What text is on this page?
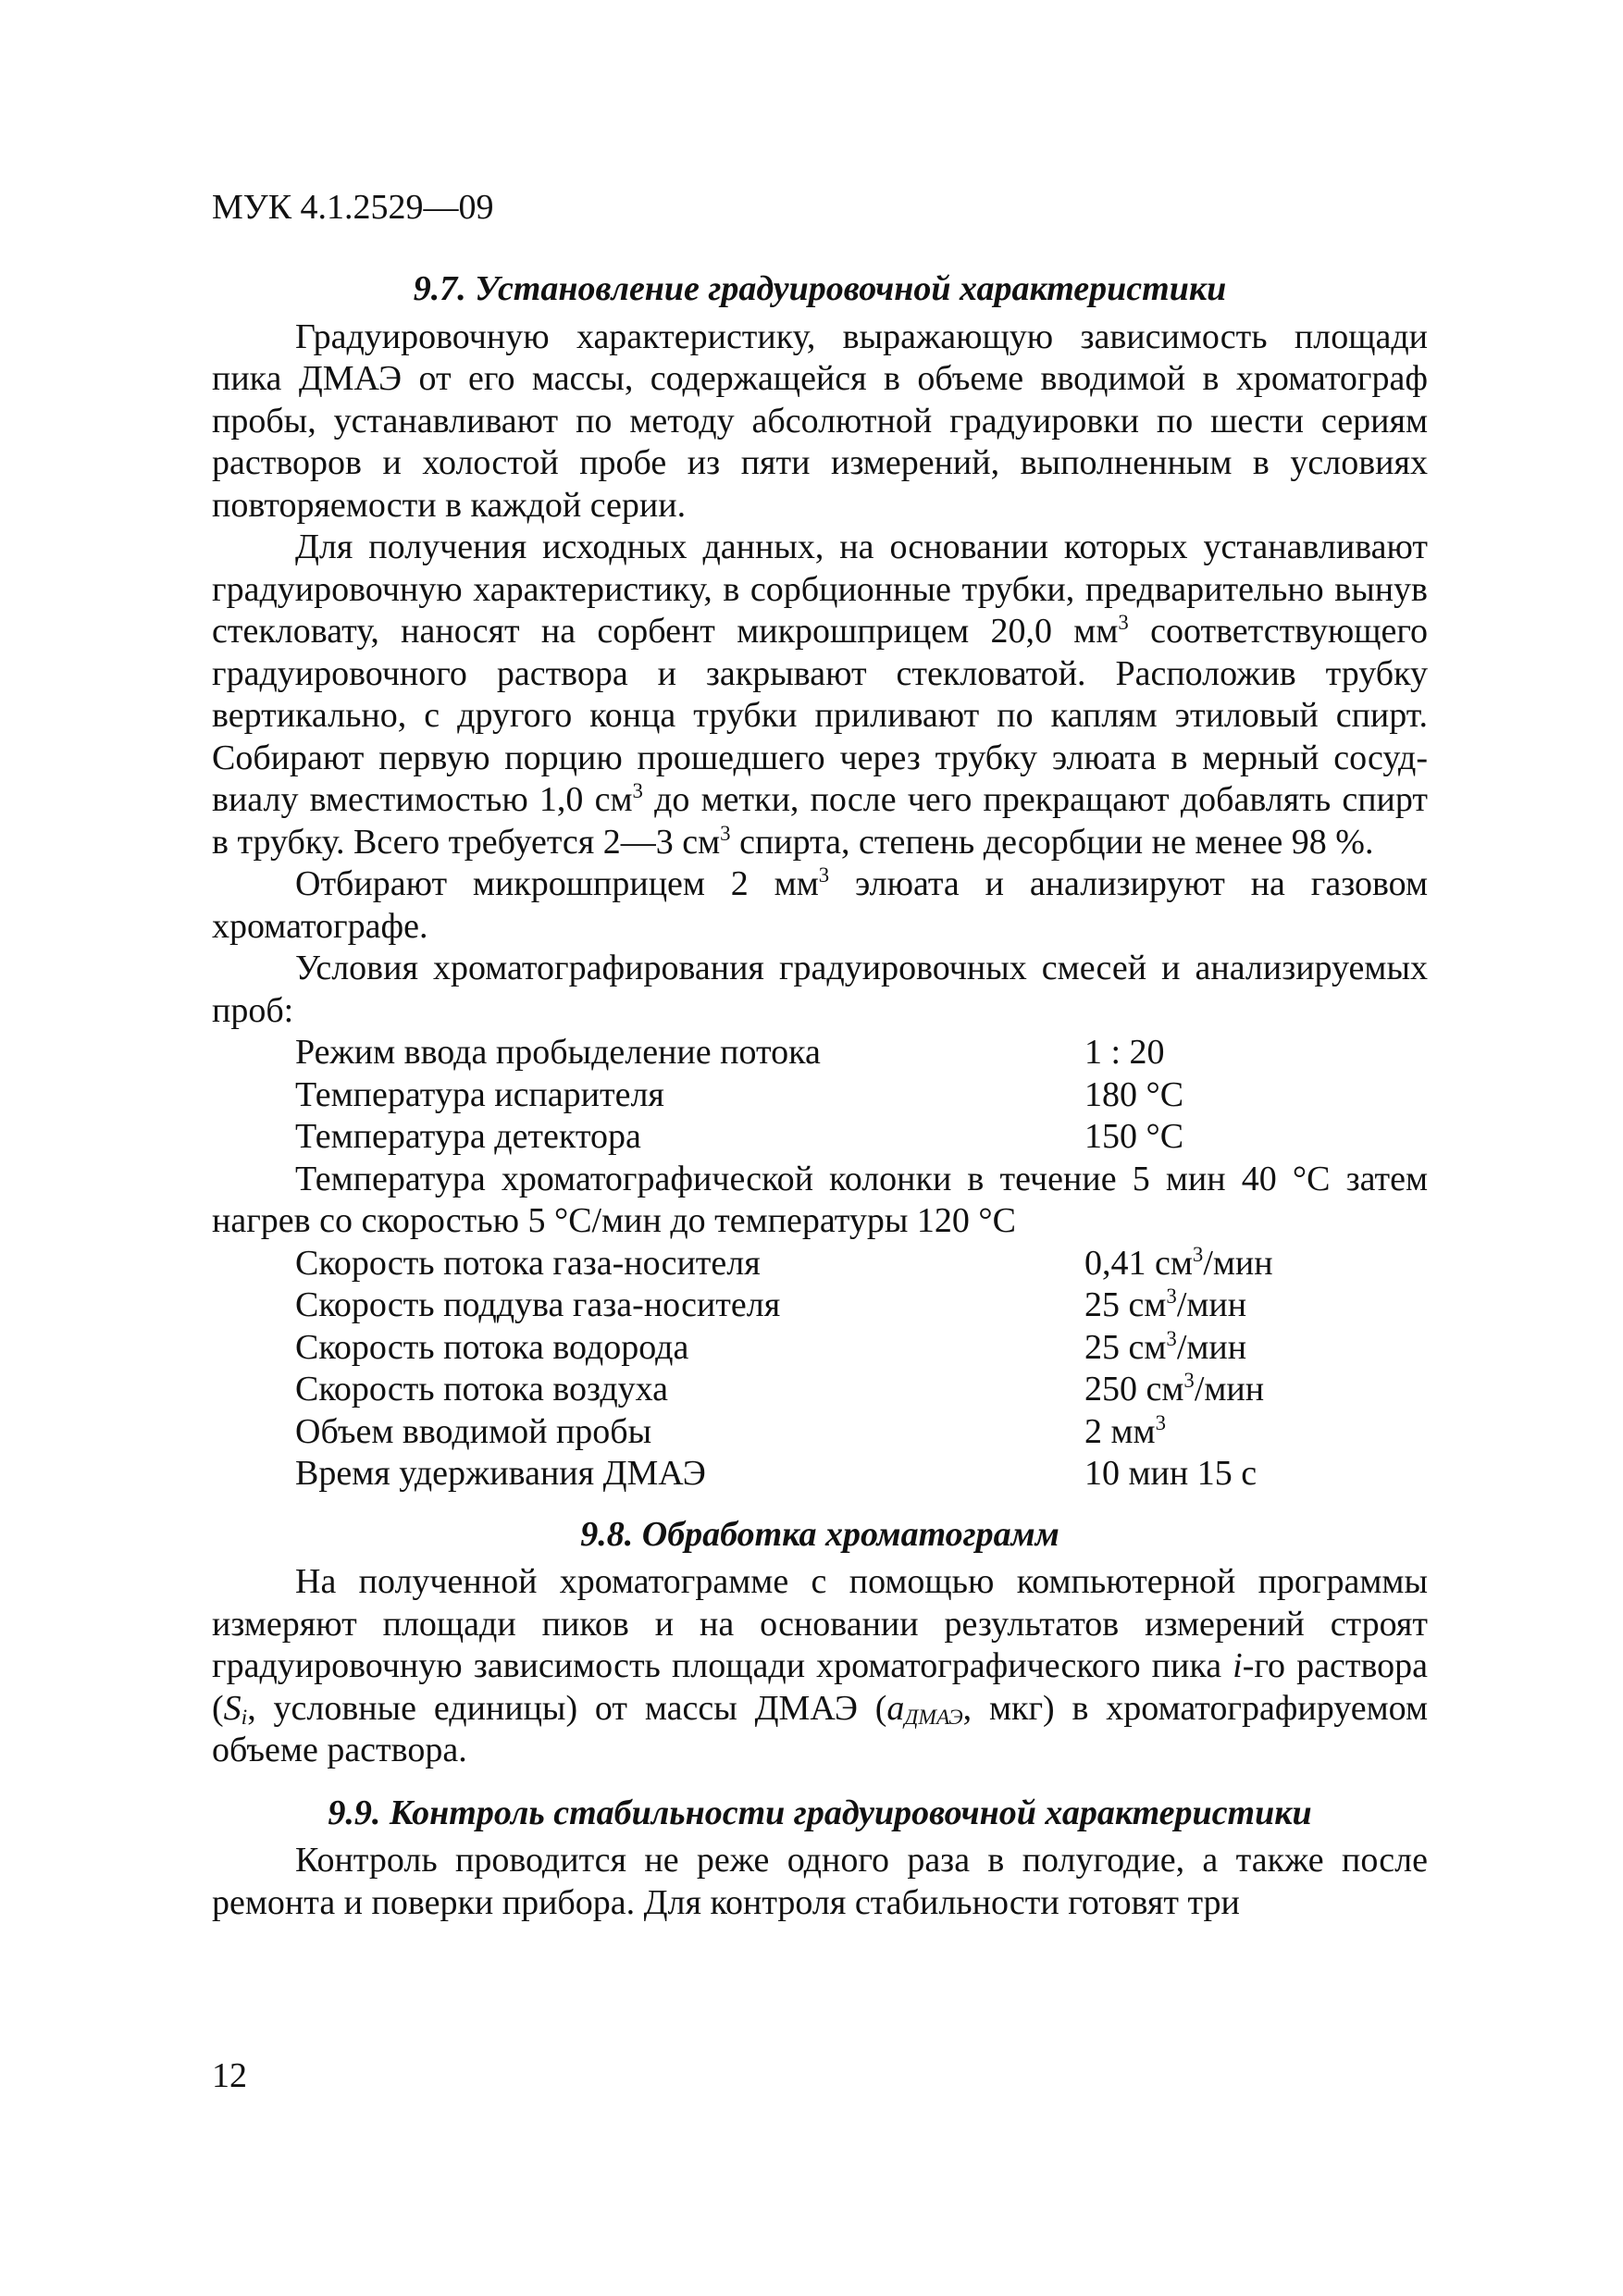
МУК 4.1.2529—09
9.7. Установление градуировочной характеристики

Градуировочную характеристику, выражающую зависимость площади пика ДМАЭ от его массы, содержащейся в объеме вводимой в хроматограф пробы, устанавливают по методу абсолютной градуировки по шести сериям растворов и холостой пробе из пяти измерений, выполненным в условиях повторяемости в каждой серии.

Для получения исходных данных, на основании которых устанавливают градуировочную характеристику, в сорбционные трубки, предварительно вынув стекловату, наносят на сорбент микрошприцем 20,0 $мм^3$ соответствующего градуировочного раствора и закрывают стекловатой. Расположив трубку вертикально, с другого конца трубки приливают по каплям этиловый спирт. Собирают первую порцию прошедшего через трубку элюата в мерный сосуд-виалу вместимостью 1,0 $см^3$ до метки, после чего прекращают добавлять спирт в трубку. Всего требуется 2—3 $см^3$ спирта, степень десорбции не менее 98 %.

Отбирают микрошприцем 2 $мм^3$ элюата и анализируют на газовом хроматографе.

Условия хроматографирования градуировочных смесей и анализируемых проб:

Режим ввода пробыделение потока	1 : 20
Температура испарителя	180 °С
Температура детектора	150 °С

Температура хроматографической колонки в течение 5 мин 40 °С затем нагрев со скоростью 5 °С/мин до температуры 120 °С

Скорость потока газа-носителя	0,41 $см^3$/мин
Скорость поддува газа-носителя	25 $см^3$/мин
Скорость потока водорода	25 $см^3$/мин
Скорость потока воздуха	250 $см^3$/мин
Объем вводимой пробы	2 $мм^3$
Время удерживания ДМАЭ	10 мин 15 с
9.8. Обработка хроматограмм

На полученной хроматограмме с помощью компьютерной программы измеряют площади пиков и на основании результатов измерений строят градуировочную зависимость площади хроматографического пика i-го раствора ($S_i$, условные единицы) от массы ДМАЭ ($а_{ДМАЭ}$, мкг) в хроматографируемом объеме раствора.

9.9. Контроль стабильности градуировочной характеристики

Контроль проводится не реже одного раза в полугодие, а также после ремонта и поверки прибора. Для контроля стабильности готовят три

12
